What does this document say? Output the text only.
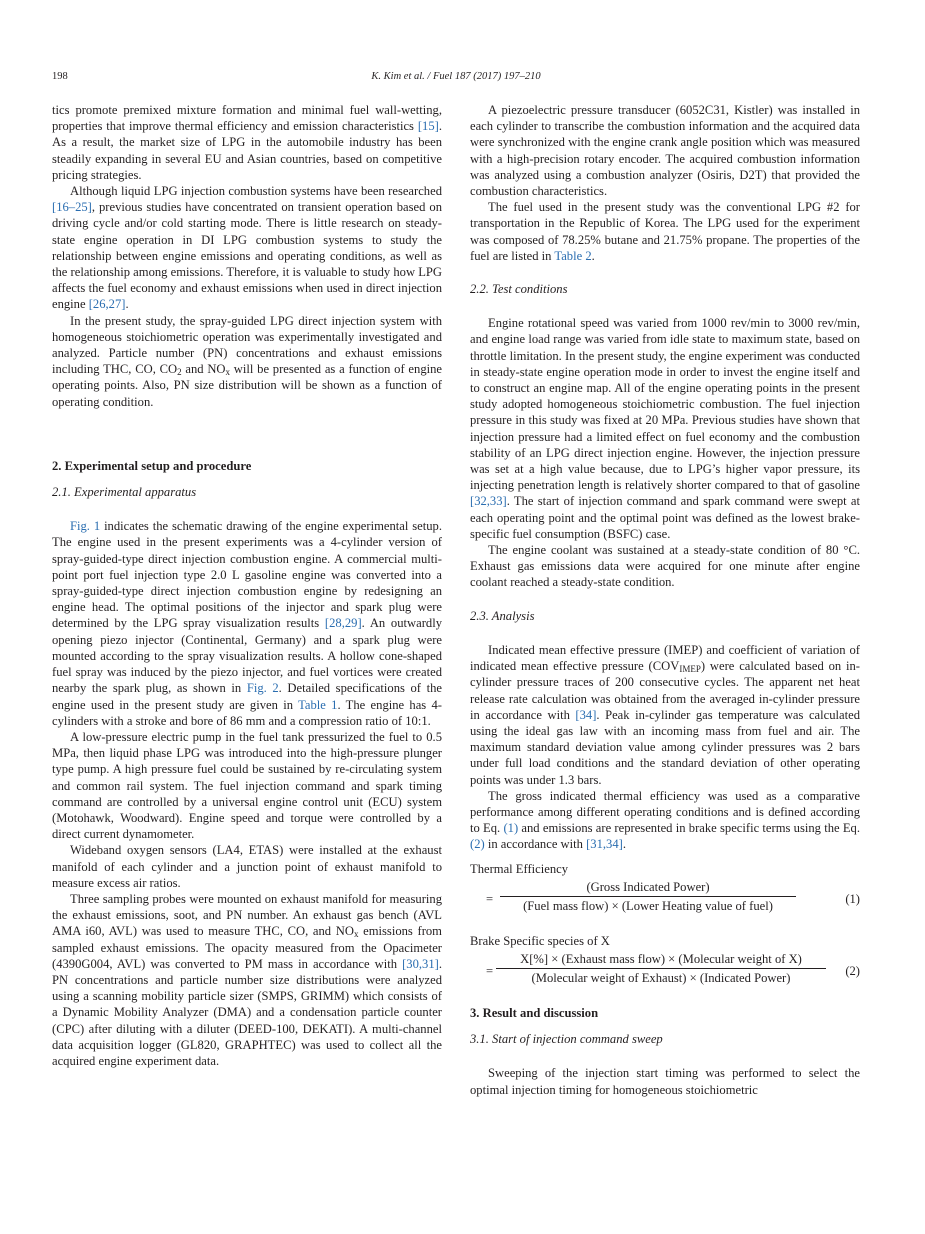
198	K. Kim et al. / Fuel 187 (2017) 197–210

tics promote premixed mixture formation and minimal fuel wall-wetting, properties that improve thermal efficiency and emission characteristics [15]. As a result, the market size of LPG in the automobile industry has been steadily expanding in several EU and Asian countries, based on competitive pricing strategies.

Although liquid LPG injection combustion systems have been researched [16–25], previous studies have concentrated on transient operation based on driving cycle and/or cold starting mode. There is little research on steady-state engine operation in DI LPG combustion systems to study the relationship between engine emissions and operating conditions, as well as the relationship among emissions. Therefore, it is valuable to study how LPG affects the fuel economy and exhaust emissions when used in direct injection engine [26,27].

In the present study, the spray-guided LPG direct injection system with homogeneous stoichiometric operation was experimentally investigated and analyzed. Particle number (PN) concentrations and exhaust emissions including THC, CO, $CO_2$ and $NO_x$ will be presented as a function of engine operating points. Also, PN size distribution will be shown as a function of operating condition.

2. Experimental setup and procedure
2.1. Experimental apparatus

Fig. 1 indicates the schematic drawing of the engine experimental setup. The engine used in the present experiments was a 4-cylinder version of spray-guided-type direct injection combustion engine. A commercial multi-point port fuel injection type 2.0 L gasoline engine was converted into a spray-guided-type direct injection combustion engine by redesigning an engine head. The optimal positions of the injector and spark plug were determined by the LPG spray visualization results [28,29]. An outwardly opening piezo injector (Continental, Germany) and a spark plug were mounted according to the spray visualization results. A hollow cone-shaped fuel spray was induced by the piezo injector, and fuel vortices were created nearby the spark plug, as shown in Fig. 2. Detailed specifications of the engine used in the present study are given in Table 1. The engine has 4-cylinders with a stroke and bore of 86 mm and a compression ratio of 10:1.

A low-pressure electric pump in the fuel tank pressurized the fuel to 0.5 MPa, then liquid phase LPG was introduced into the high-pressure plunger type pump. A high pressure fuel could be sustained by re-circulating system and common rail system. The fuel injection command and spark timing command are controlled by a universal engine control unit (ECU) system (Motohawk, Woodward). Engine speed and torque were controlled by a direct current dynamometer.

Wideband oxygen sensors (LA4, ETAS) were installed at the exhaust manifold of each cylinder and a junction point of exhaust manifold to measure excess air ratios.

Three sampling probes were mounted on exhaust manifold for measuring the exhaust emissions, soot, and PN number. An exhaust gas bench (AVL AMA i60, AVL) was used to measure THC, CO, and $NO_x$ emissions from sampled exhaust emissions. The opacity measured from the Opacimeter (4390G004, AVL) was converted to PM mass in accordance with [30,31]. PN concentrations and particle number size distributions were analyzed using a scanning mobility particle sizer (SMPS, GRIMM) which consists of a Dynamic Mobility Analyzer (DMA) and a condensation particle counter (CPC) after diluting with a diluter (DEED-100, DEKATI). A multi-channel data acquisition logger (GL820, GRAPHTEC) was used to collect all the acquired engine experiment data.

A piezoelectric pressure transducer (6052C31, Kistler) was installed in each cylinder to transcribe the combustion information and the acquired data were synchronized with the engine crank angle position which was measured with a high-precision rotary encoder. The acquired combustion information was analyzed using a combustion analyzer (Osiris, D2T) that provided the combustion characteristics.

The fuel used in the present study was the conventional LPG #2 for transportation in the Republic of Korea. The LPG used for the experiment was composed of 78.25% butane and 21.75% propane. The properties of the fuel are listed in Table 2.

2.2. Test conditions

Engine rotational speed was varied from 1000 rev/min to 3000 rev/min, and engine load range was varied from idle state to maximum state, based on throttle limitation. In the present study, the engine experiment was conducted in steady-state engine operation mode in order to invest the engine itself and to construct an engine map. All of the engine operating points in the present study adopted homogeneous stoichiometric combustion. The fuel injection pressure in this study was fixed at 20 MPa. Previous studies have shown that injection pressure had a limited effect on fuel economy and the combustion stability of an LPG direct injection engine. However, the injection pressure was set at a high value because, due to LPG’s higher vapor pressure, its injecting penetration length is relatively shorter compared to that of gasoline [32,33]. The start of injection command and spark command were swept at each operating point and the optimal point was defined as the lowest brake-specific fuel consumption (BSFC) case.

The engine coolant was sustained at a steady-state condition of 80 °C. Exhaust gas emissions data were acquired for one minute after engine coolant reached a steady-state condition.

2.3. Analysis

Indicated mean effective pressure (IMEP) and coefficient of variation of indicated mean effective pressure $(COV_{IMEP})$ were calculated based on in-cylinder pressure traces of 200 consecutive cycles. The apparent net heat release rate calculation was obtained from the averaged in-cylinder pressure in accordance with [34]. Peak in-cylinder gas temperature was calculated using the ideal gas law with an incoming mass from fuel and air. The maximum standard deviation value among cylinder pressures was 2 bars under full load conditions and the standard deviation of other operating points was under 1.3 bars.

The gross indicated thermal efficiency was used as a comparative performance among different operating conditions and is defined according to Eq. (1) and emissions are represented in brake specific terms using the Eq. (2) in accordance with [31,34].

Thermal Efficiency
=
(Gross Indicated Power)
(Fuel mass flow) × (Lower Heating value of fuel)
(1)
Brake Specific species of X
=
X[%] × (Exhaust mass flow) × (Molecular weight of X)
(Molecular weight of Exhaust) × (Indicated Power)
(2)
3. Result and discussion
3.1. Start of injection command sweep

Sweeping of the injection start timing was performed to select the optimal injection timing for homogeneous stoichiometric
